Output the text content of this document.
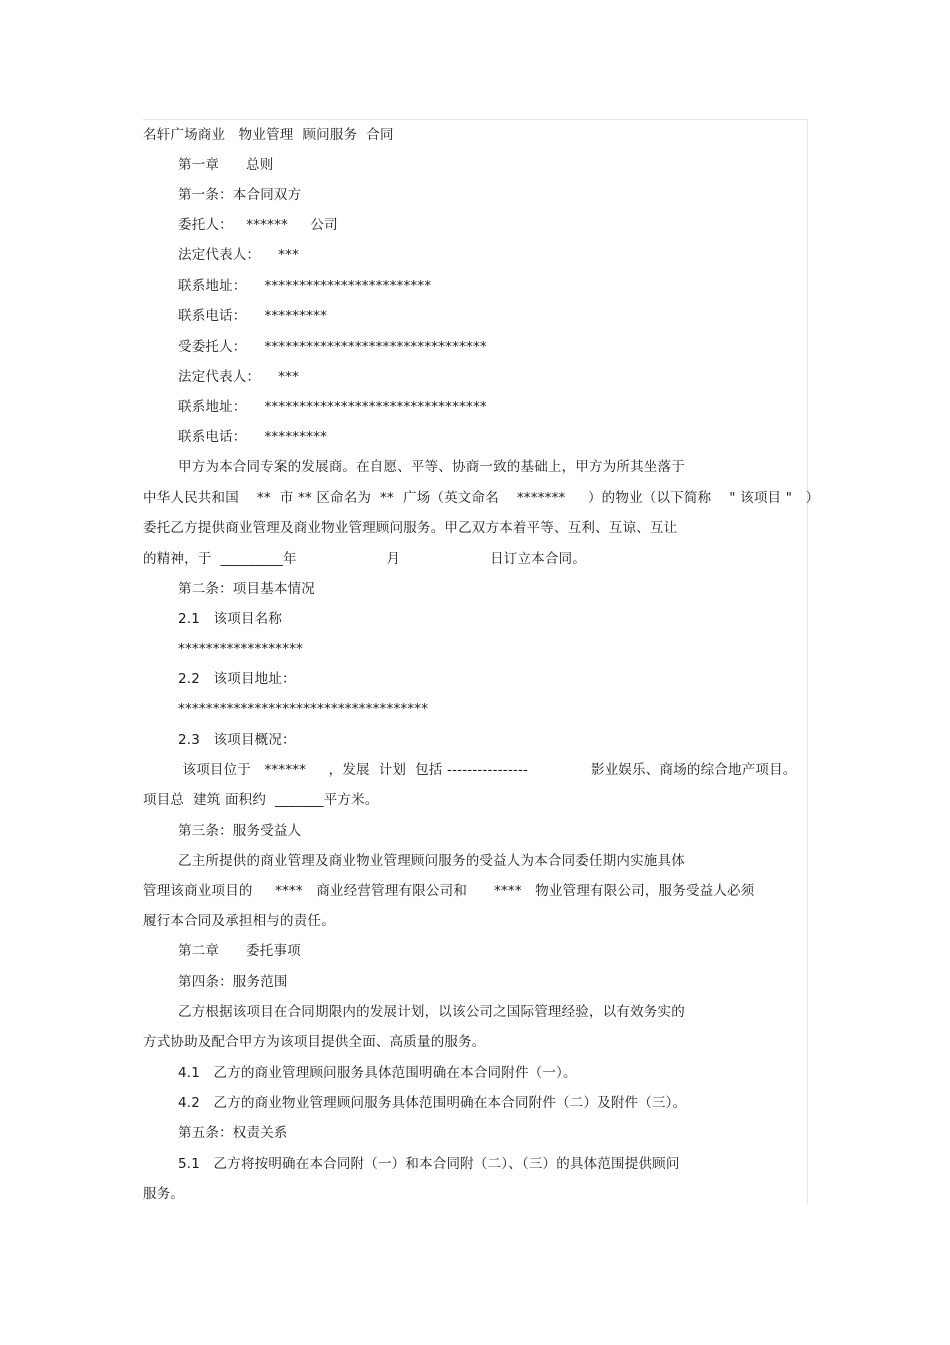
名轩广场商业   物业管理  顾问服务  合同
第一章      总则
第一条：本合同双方
委托人：   ******     公司
法定代表人：    ***
联系地址：    ************************
联系电话：    *********
受委托人：    ********************************
法定代表人：    ***
联系地址：    ********************************
联系电话：    *********
甲方为本合同专案的发展商。在自愿、平等、协商一致的基础上，甲方为所其坐落于
中华人民共和国    **  市 ** 区命名为  **  广场（英文命名    *******     ）的物业（以下简称    " 该项目 "   ）
委托乙方提供商业管理及商业物业管理顾问服务。甲乙双方本着平等、互利、互谅、互让
的精神，于  _________年                    月                    日订立本合同。
第二条：项目基本情况
2.1   该项目名称
******************
2.2   该项目地址：
************************************
2.3   该项目概况：
该项目位于   ******     ，发展  计划  包括 ----------------              影业娱乐、商场的综合地产项目。
项目总  建筑 面积约  _______平方米。
第三条：服务受益人
乙主所提供的商业管理及商业物业管理顾问服务的受益人为本合同委任期内实施具体
管理该商业项目的     ****   商业经营管理有限公司和      ****   物业管理有限公司，服务受益人必须
履行本合同及承担相与的责任。
第二章      委托事项
第四条：服务范围
乙方根据该项目在合同期限内的发展计划，以该公司之国际管理经验，以有效务实的
方式协助及配合甲方为该项目提供全面、高质量的服务。
4.1   乙方的商业管理顾问服务具体范围明确在本合同附件（一）。
4.2   乙方的商业物业管理顾问服务具体范围明确在本合同附件（二）及附件（三）。
第五条：权责关系
5.1   乙方将按明确在本合同附（一）和本合同附（二）、（三）的具体范围提供顾问
服务。
